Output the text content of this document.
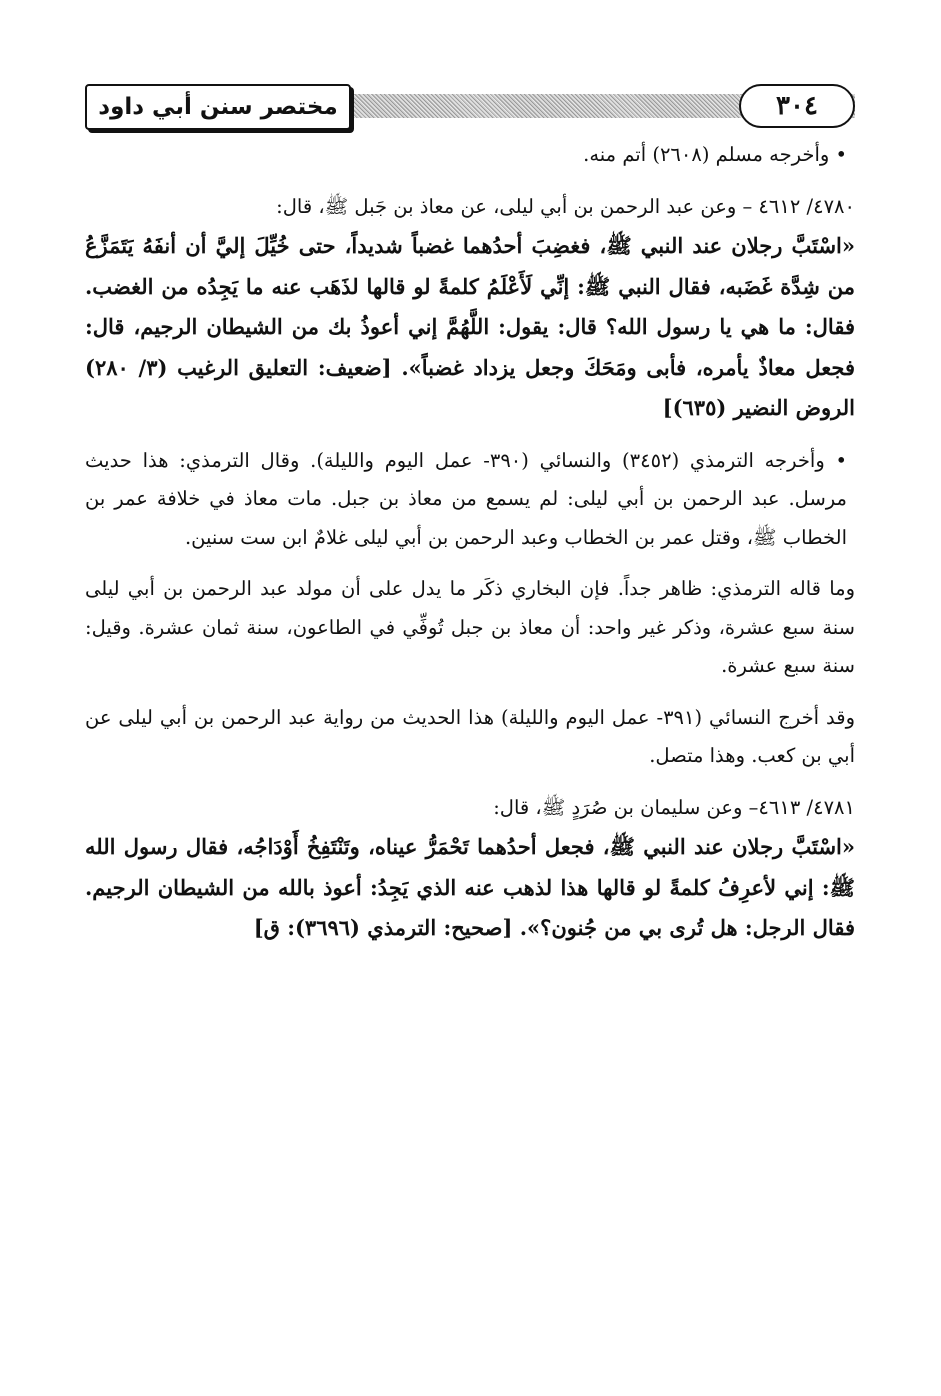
مختصر سنن أبي داود	٣٠٤

• وأخرجه مسلم (٢٦٠٨) أتم منه.

٤٧٨٠/ ٤٦١٢ – وعن عبد الرحمن بن أبي ليلى، عن معاذ بن جَبل ﷺ، قال:

«اسْتَبَّ رجلان عند النبي ﷺ، فغضِبَ أحدُهما غضباً شديداً، حتى خُيِّلَ إليَّ أن أنفَهُ يَتَمَزَّعُ من شِدَّة غَضَبه، فقال النبي ﷺ: إنِّي لَأَعْلَمُ كلمةً لو قالها لذَهَب عنه ما يَجِدُه من الغضب. فقال: ما هي يا رسول الله؟ قال: يقول: اللَّهُمَّ إني أعوذُ بك من الشيطان الرجيم، قال: فجعل معاذٌ يأمره، فأبى ومَحَكَ وجعل يزداد غضباً». [ضعيف: التعليق الرغيب (٣/ ٢٨٠) الروض النضير (٦٣٥)]

• وأخرجه الترمذي (٣٤٥٢) والنسائي (٣٩٠- عمل اليوم والليلة). وقال الترمذي: هذا حديث مرسل. عبد الرحمن بن أبي ليلى: لم يسمع من معاذ بن جبل. مات معاذ في خلافة عمر بن الخطاب ﷺ، وقتل عمر بن الخطاب وعبد الرحمن بن أبي ليلى غلامٌ ابن ست سنين.

وما قاله الترمذي: ظاهر جداً. فإن البخاري ذكَر ما يدل على أن مولد عبد الرحمن بن أبي ليلى سنة سبع عشرة، وذكر غير واحد: أن معاذ بن جبل تُوفِّي في الطاعون، سنة ثمان عشرة. وقيل: سنة سبع عشرة.

وقد أخرج النسائي (٣٩١- عمل اليوم والليلة) هذا الحديث من رواية عبد الرحمن بن أبي ليلى عن أبي بن كعب. وهذا متصل.

٤٧٨١/ ٤٦١٣– وعن سليمان بن صُرَدٍ ﷺ، قال:

«اسْتَبَّ رجلان عند النبي ﷺ، فجعل أحدُهما تَحْمَرُّ عيناه، وتَنْتَفِخُ أَوْدَاجُه، فقال رسول الله ﷺ: إني لأعرِفُ كلمةً لو قالها هذا لذهب عنه الذي يَجِدُ: أعوذ بالله من الشيطان الرجيم. فقال الرجل: هل تُرى بي من جُنون؟». [صحيح: الترمذي (٣٦٩٦): ق]
